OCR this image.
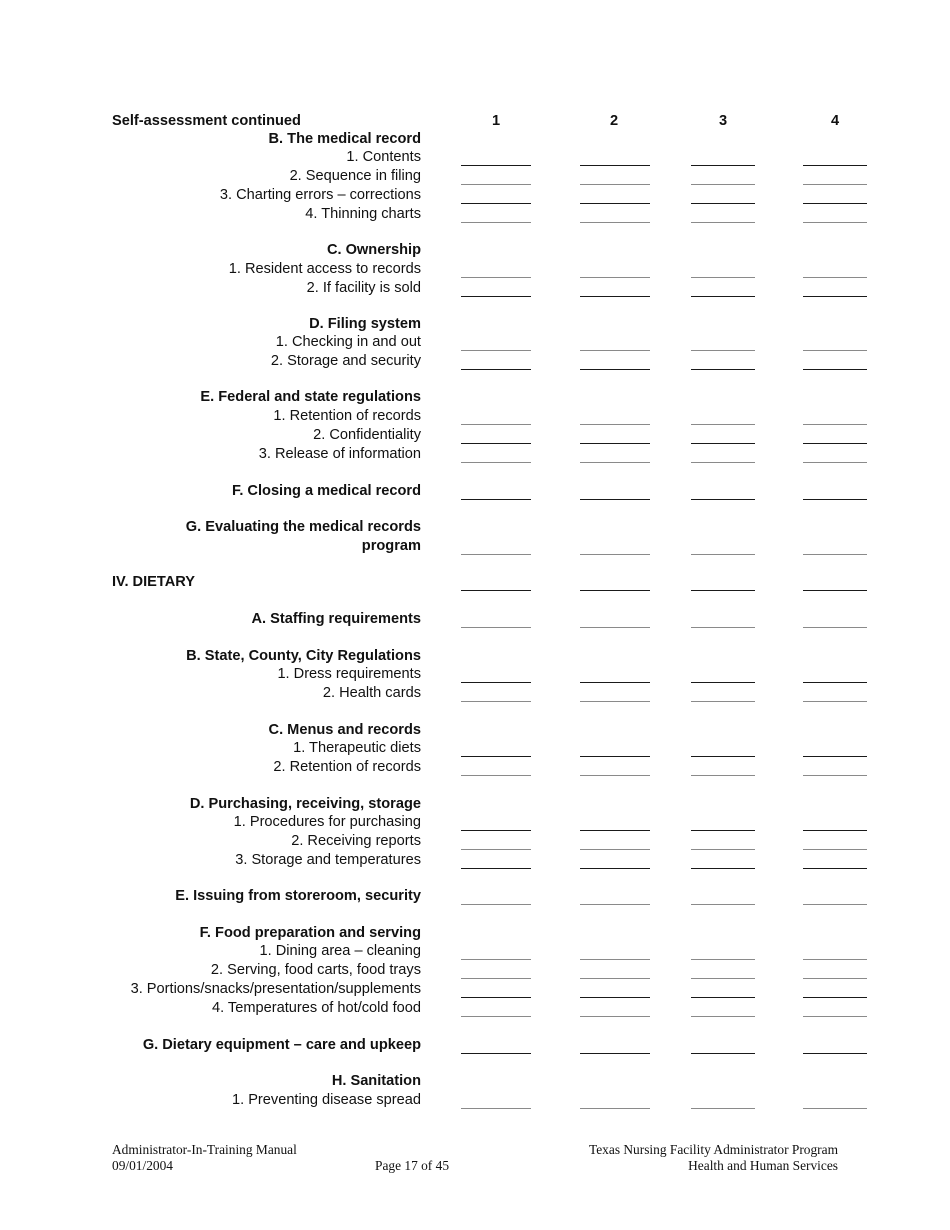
Self-assessment continued	1	2	3	4
B. The medical record
1. Contents
2. Sequence in filing
3. Charting errors – corrections
4. Thinning charts
C. Ownership
1. Resident access to records
2. If facility is sold
D. Filing system
1. Checking in and out
2. Storage and security
E. Federal and state regulations
1. Retention of records
2. Confidentiality
3. Release of information
F. Closing a medical record
G. Evaluating the medical records
program
IV. DIETARY
A. Staffing requirements
B. State, County, City Regulations
1. Dress requirements
2. Health cards
C. Menus and records
1. Therapeutic diets
2. Retention of records
D. Purchasing, receiving, storage
1. Procedures for purchasing
2. Receiving reports
3. Storage and temperatures
E. Issuing from storeroom, security
F. Food preparation and serving
1. Dining area – cleaning
2. Serving, food carts, food trays
3. Portions/snacks/presentation/supplements
4. Temperatures of hot/cold food
G. Dietary equipment – care and upkeep
H. Sanitation
1. Preventing disease spread
Administrator-In-Training Manual
09/01/2004	Page 17 of 45
Texas Nursing Facility Administrator Program
Health and Human Services
